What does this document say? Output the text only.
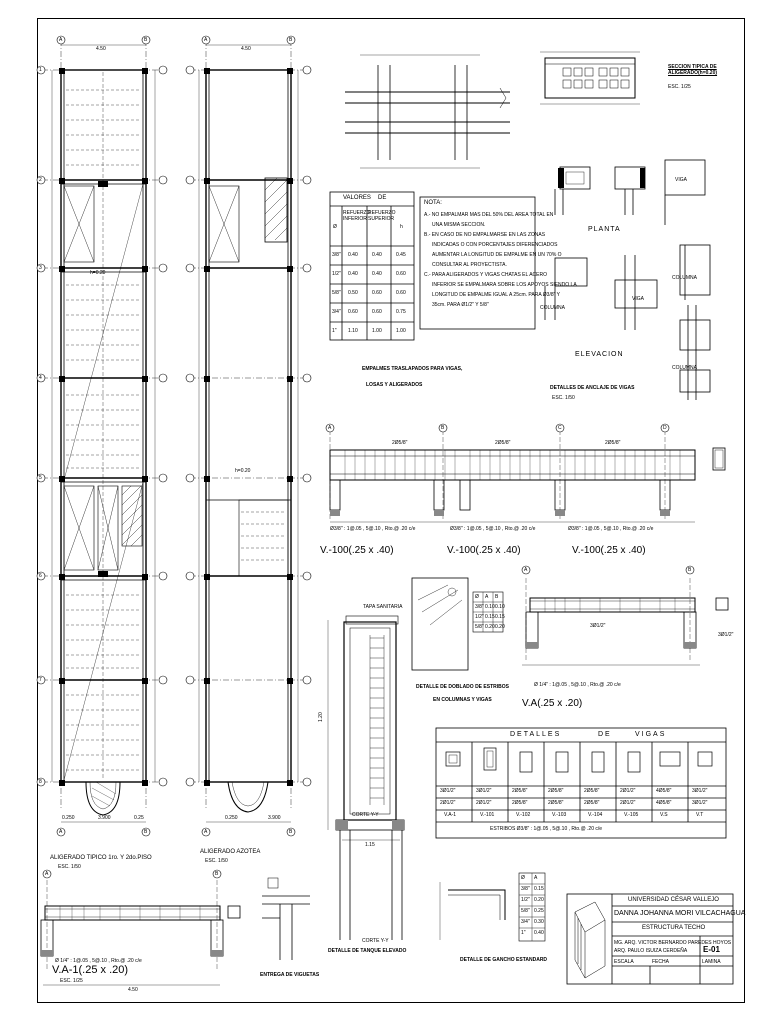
A	B	A	B
A	B	A	B
1
2
3
4
5
6
7
8
4.50	4.50
0.250	3.900	0.25	0.250	3.900
h=0.20
h=0.20
ALIGERADO TIPICO 1ro. Y 2do.PISO
ESC. 1/50
ALIGERADO AZOTEA
ESC. 1/50
SECCION TIPICA DE ALIGERADO(h=0.20)
ESC. 1/25
VALORES DE
Ø
REFUERZO INFERIOR
REFUERZO SUPERIOR
h
3/8" 0.40	0.40	0.45
1/2" 0.40	0.40	0.60
5/8" 0.50	0.60	0.60
3/4" 0.60	0.60	0.75
1" 1.10	1.00	1.00
EMPALMES TRASLAPADOS PARA VIGAS,
LOSAS Y ALIGERADOS
NOTA:
A.- NO EMPALMAR MAS DEL 50% DEL AREA TOTAL EN
UNA MISMA SECCION.
B.- EN CASO DE NO EMPALMARSE EN LAS ZONAS
INDICADAS O CON PORCENTAJES DIFERENCIADOS
AUMENTAR LA LONGITUD DE EMPALME EN UN 70% O
CONSULTAR AL PROYECTISTA.
C.- PARA ALIGERADOS Y VIGAS CHATAS EL ACERO
INFERIOR SE EMPALMARA SOBRE LOS APOYOS SIENDO LA
LONGITUD DE EMPALME IGUAL A 25cm. PARA Ø3/8" Y
35cm. PARA Ø1/2" Y 5/8"
PLANTA
ELEVACION
DETALLES DE ANCLAJE DE VIGAS
ESC. 1/50
COLUMNA
COLUMNA
COLUMNA
VIGA
VIGA
A	B	C	D
2Ø5/8"	2Ø5/8"	2Ø5/8"
Ø3/8" : 1@.05 , 5@.10 , Rto.@ .20 c/e	Ø3/8" : 1@.05 , 5@.10 , Rto.@ .20 c/e	Ø3/8" : 1@.05 , 5@.10 , Rto.@ .20 c/e
V.-100(.25 x .40)	V.-100(.25 x .40)	V.-100(.25 x .40)
Ø A B
3/8" 0.10 0.10
1/2" 0.15 0.15
5/8" 0.20 0.20
DETALLE DE DOBLADO DE ESTRIBOS
EN COLUMNAS Y VIGAS
A	B
3Ø1/2"
3Ø1/2"
Ø 1/4" : 1@.05 , 5@.10 , Rto.@ .20 c/e
V.A(.25 x .20)
TAPA SANITARIA
1.20
1.15
CORTE Y-Y
CORTE Y-Y
DETALLE DE TANQUE ELEVADO
DETALLES	DE	VIGAS
3Ø1/2"	3Ø1/2"	2Ø5/8"	2Ø5/8"	2Ø5/8"	2Ø1/2"	4Ø5/8"	3Ø1/2"
2Ø1/2"	2Ø1/2"	2Ø5/8"	2Ø5/8"	2Ø5/8"	2Ø1/2"	4Ø5/8"	3Ø1/2"
V.A-1	V.-101	V.-102	V.-103	V.-104	V.-105	V.S	V.T
ESTRIBOS Ø3/8" : 1@.05 , 5@.10 , Rto.@ .20 c/e
A	B
Ø 1/4" : 1@.05 , 5@.10 , Rto.@ .20 c/e
V.A-1(.25 x .20)
ESC. 1/25
4.50
ENTREGA DE VIGUETAS
Ø A
3/8" 0.15
1/2" 0.20
5/8" 0.25
3/4" 0.30
1" 0.40
DETALLE DE GANCHO ESTANDARD
UNIVERSIDAD CÉSAR VALLEJO
DANNA JOHANNA MORI VILCACHAGUA
ESTRUCTURA TECHO
MG. ARQ. VICTOR BERNARDO PAREDES HOYOS
ARQ. PAULO ISUIZA CERDEÑA E-01
ESCALA	FECHA	LAMINA
